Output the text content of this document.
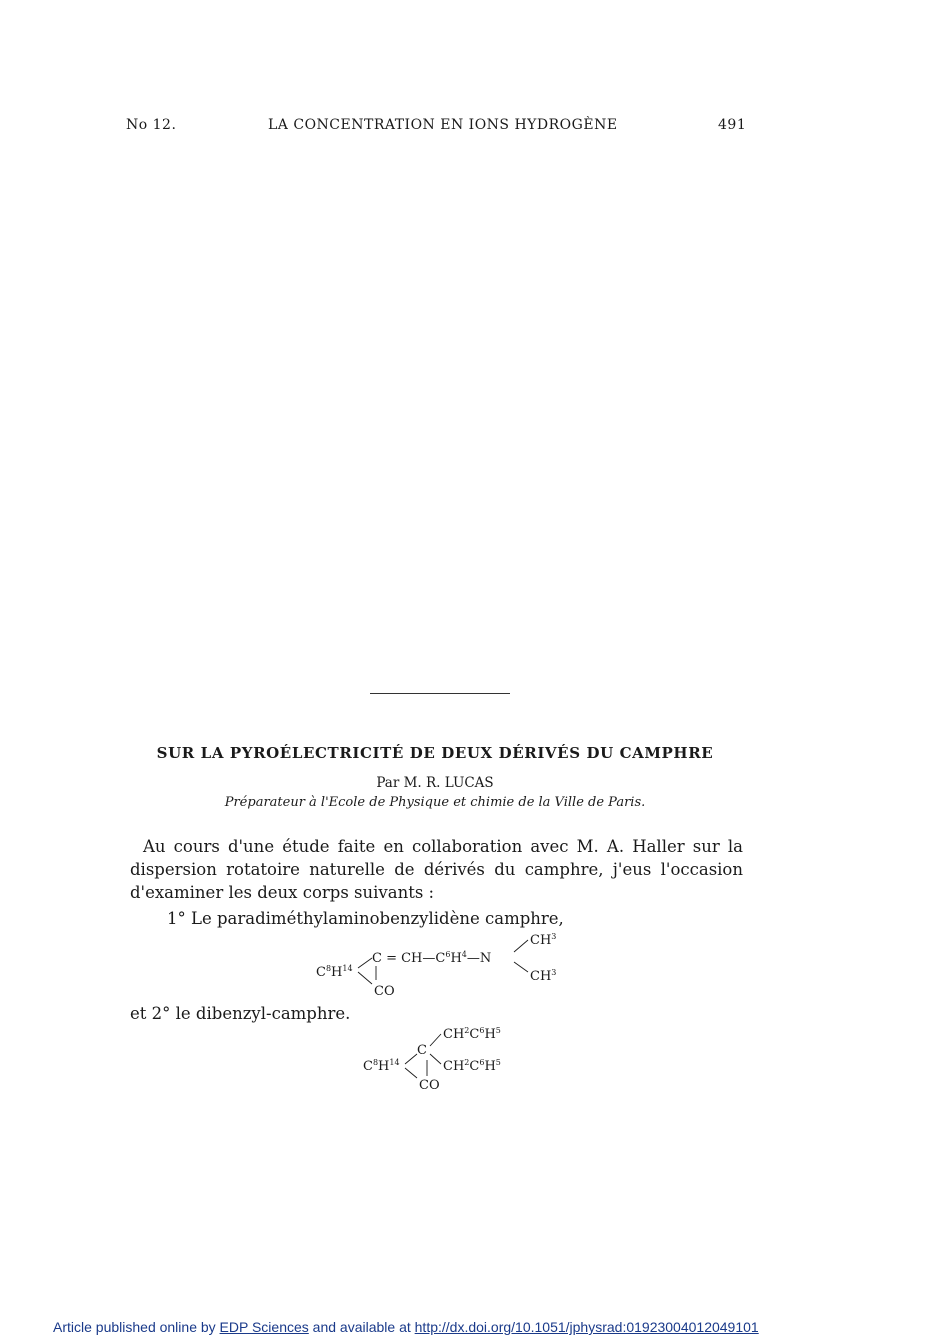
No 12.	LA CONCENTRATION EN IONS HYDROGÈNE	491
SUR LA PYROÉLECTRICITÉ DE DEUX DÉRIVÉS DU CAMPHRE
Par M. R. LUCAS
Préparateur à l'Ecole de Physique et chimie de la Ville de Paris.
Au cours d'une étude faite en collaboration avec M. A. Haller sur la dispersion rotatoire naturelle de dérivés du camphre, j'eus l'occasion d'examiner les deux corps suivants :
1° Le paradiméthylaminobenzylidène camphre,
$C^8H^{14}$
$C = CH—C^6H^4—N$
CO
$CH^3$
$CH^3$
et 2° le dibenzyl-camphre.
$C^8H^{14}$
C
CO
$CH^2C^6H^5$
$CH^2C^6H^5$
Article published online by EDP Sciences and available at http://dx.doi.org/10.1051/jphysrad:01923004012049101
